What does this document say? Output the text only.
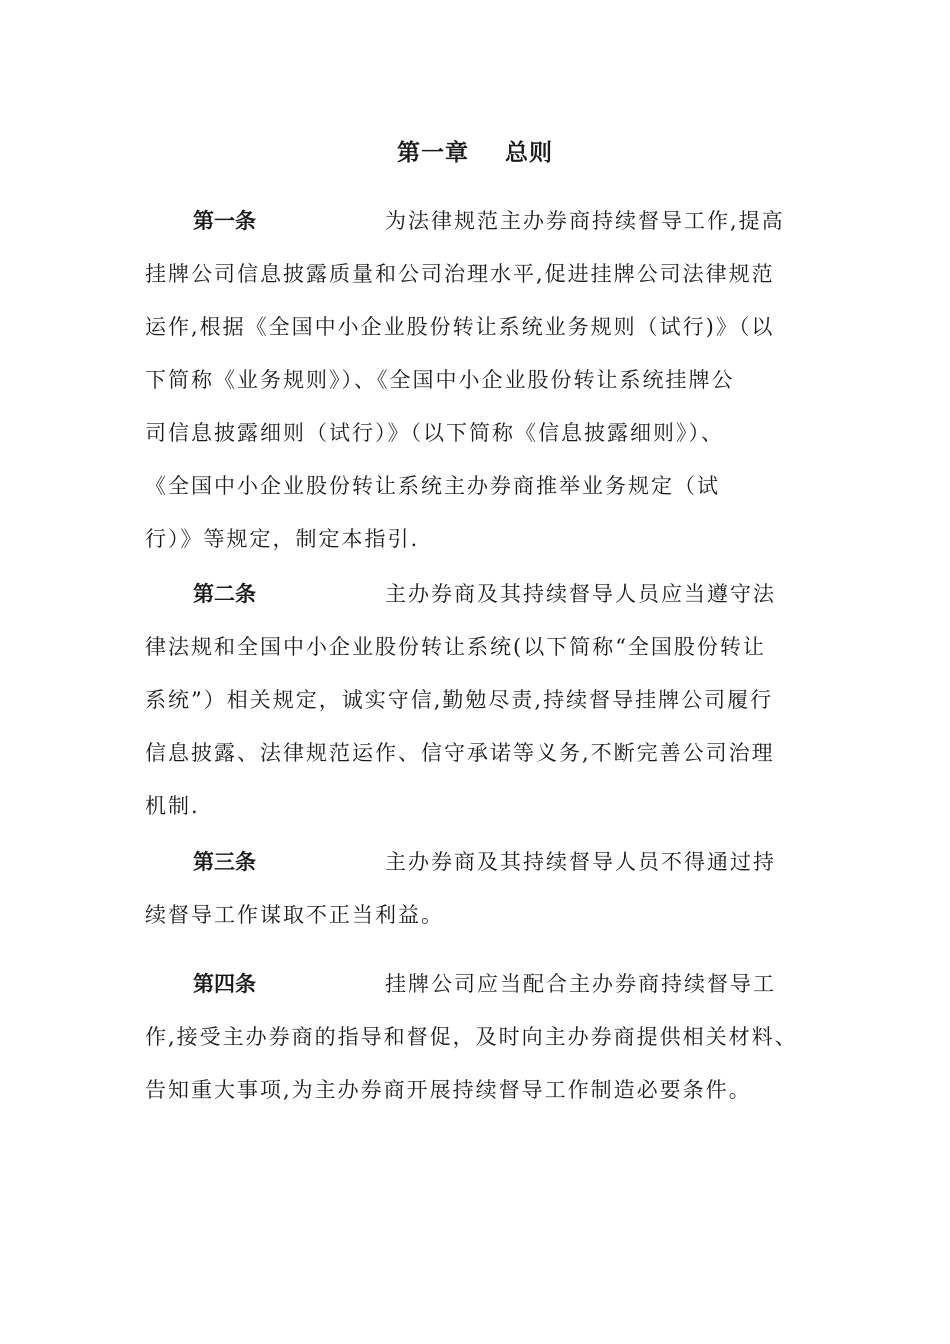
第一章    总则
第一条	为法律规范主办券商持续督导工作,提高
挂牌公司信息披露质量和公司治理水平,促进挂牌公司法律规范
运作,根据《全国中小企业股份转让系统业务规则（试行)》（以
下简称《业务规则》）、《全国中小企业股份转让系统挂牌公
司信息披露细则（试行）》（以下简称《信息披露细则》）、
《全国中小企业股份转让系统主办券商推举业务规定（试
行）》等规定，制定本指引.
第二条	主办券商及其持续督导人员应当遵守法
律法规和全国中小企业股份转让系统(以下简称“全国股份转让
系统”）相关规定，诚实守信,勤勉尽责,持续督导挂牌公司履行
信息披露、法律规范运作、信守承诺等义务,不断完善公司治理
机制.
第三条	主办券商及其持续督导人员不得通过持
续督导工作谋取不正当利益。
第四条	挂牌公司应当配合主办券商持续督导工
作,接受主办券商的指导和督促，及时向主办券商提供相关材料、
告知重大事项,为主办券商开展持续督导工作制造必要条件。
